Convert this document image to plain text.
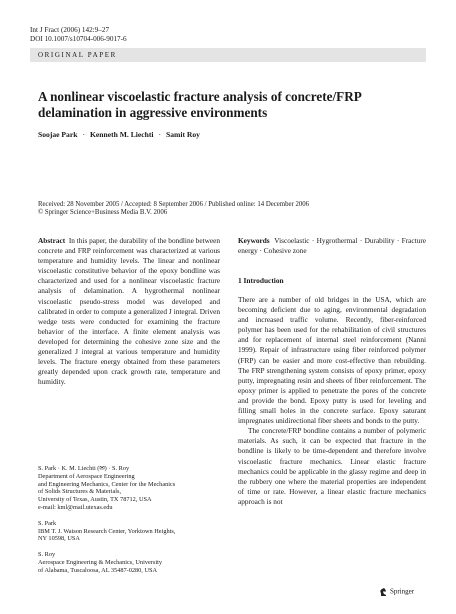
Int J Fract (2006) 142:9–27
DOI 10.1007/s10704-006-9017-6
ORIGINAL PAPER
A nonlinear viscoelastic fracture analysis of concrete/FRP delamination in aggressive environments
Soojae Park · Kenneth M. Liechti · Samit Roy
Received: 28 November 2005 / Accepted: 8 September 2006 / Published online: 14 December 2006
© Springer Science+Business Media B.V. 2006
Abstract In this paper, the durability of the bondline between concrete and FRP reinforcement was characterized at various temperature and humidity levels. The linear and nonlinear viscoelastic constitutive behavior of the epoxy bondline was characterized and used for a nonlinear viscoelastic fracture analysis of delamination. A hygrothermal nonlinear viscoelastic pseudo-stress model was developed and calibrated in order to compute a generalized J integral. Driven wedge tests were conducted for examining the fracture behavior of the interface. A finite element analysis was developed for determining the cohesive zone size and the generalized J integral at various temperature and humidity levels. The fracture energy obtained from these parameters greatly depended upon crack growth rate, temperature and humidity.
Keywords Viscoelastic · Hygrothermal · Durability · Fracture energy · Cohesive zone
1 Introduction

There are a number of old bridges in the USA, which are becoming deficient due to aging, environmental degradation and increased traffic volume. Recently, fiber-reinforced polymer has been used for the rehabilitation of civil structures and for replacement of internal steel reinforcement (Nanni 1999). Repair of infrastructure using fiber reinforced polymer (FRP) can be easier and more cost-effective than rebuilding. The FRP strengthening system consists of epoxy primer, epoxy putty, impregnating resin and sheets of fiber reinforcement. The epoxy primer is applied to penetrate the pores of the concrete and provide the bond. Epoxy putty is used for leveling and filling small holes in the concrete surface. Epoxy saturant impregnates unidirectional fiber sheets and bonds to the putty.

The concrete/FRP bondline contains a number of polymeric materials. As such, it can be expected that fracture in the bondline is likely to be time-dependent and therefore involve viscoelastic fracture mechanics. Linear elastic fracture mechanics could be applicable in the glassy regime and deep in the rubbery one where the material properties are independent of time or rate. However, a linear elastic fracture mechanics approach is not

S. Park · K. M. Liechti (✉) · S. Roy
Department of Aerospace Engineering
and Engineering Mechanics, Center for the Mechanics
of Solids Structures & Materials,
University of Texas, Austin, TX 78712, USA
e-mail: kml@mail.utexas.edu
S. Park
IBM T. J. Watson Research Center, Yorktown Heights,
NY 10598, USA
S. Roy
Aerospace Engineering & Mechanics, University
of Alabama, Tuscaloosa, AL 35487-0280, USA
Springer
